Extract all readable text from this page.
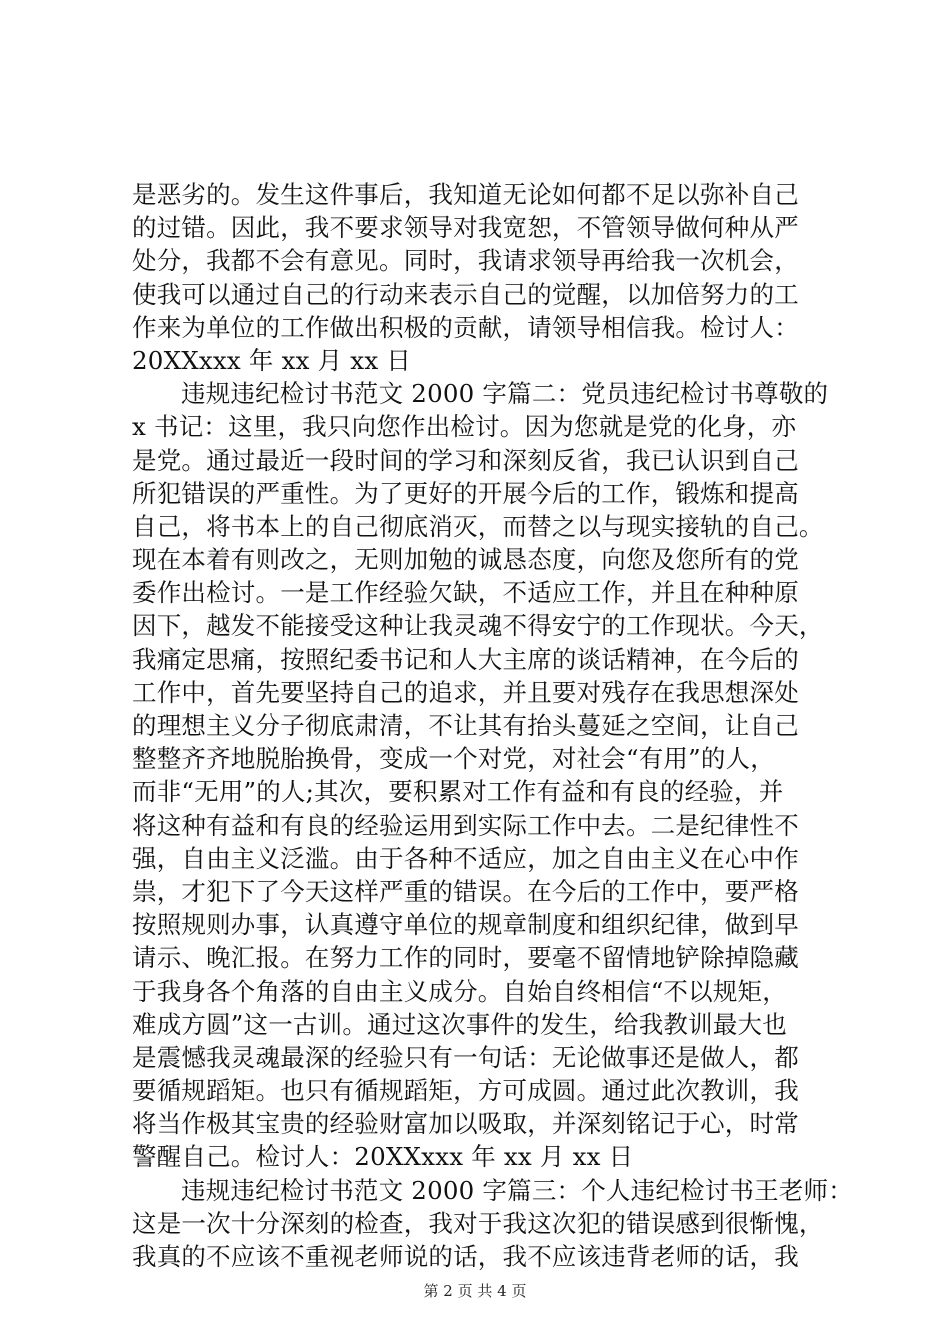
是恶劣的。发生这件事后，我知道无论如何都不足以弥补自己
的过错。因此，我不要求领导对我宽恕，不管领导做何种从严
处分，我都不会有意见。同时，我请求领导再给我一次机会，
使我可以通过自己的行动来表示自己的觉醒，以加倍努力的工
作来为单位的工作做出积极的贡献，请领导相信我。检讨人：
20XXxxx 年 xx 月 xx 日
违规违纪检讨书范文 2000 字篇二：党员违纪检讨书尊敬的
x 书记：这里，我只向您作出检讨。因为您就是党的化身，亦
是党。通过最近一段时间的学习和深刻反省，我已认识到自己
所犯错误的严重性。为了更好的开展今后的工作，锻炼和提高
自己，将书本上的自己彻底消灭，而替之以与现实接轨的自己。
现在本着有则改之，无则加勉的诚恳态度，向您及您所有的党
委作出检讨。一是工作经验欠缺，不适应工作，并且在种种原
因下，越发不能接受这种让我灵魂不得安宁的工作现状。今天，
我痛定思痛，按照纪委书记和人大主席的谈话精神，在今后的
工作中，首先要坚持自己的追求，并且要对残存在我思想深处
的理想主义分子彻底肃清，不让其有抬头蔓延之空间，让自己
整整齐齐地脱胎换骨，变成一个对党，对社会“有用”的人，
而非“无用”的人;其次，要积累对工作有益和有良的经验，并
将这种有益和有良的经验运用到实际工作中去。二是纪律性不
强，自由主义泛滥。由于各种不适应，加之自由主义在心中作
祟，才犯下了今天这样严重的错误。在今后的工作中，要严格
按照规则办事，认真遵守单位的规章制度和组织纪律，做到早
请示、晚汇报。在努力工作的同时，要毫不留情地铲除掉隐藏
于我身各个角落的自由主义成分。自始自终相信“不以规矩，
难成方圆”这一古训。通过这次事件的发生，给我教训最大也
是震憾我灵魂最深的经验只有一句话：无论做事还是做人，都
要循规蹈矩。也只有循规蹈矩，方可成圆。通过此次教训，我
将当作极其宝贵的经验财富加以吸取，并深刻铭记于心，时常
警醒自己。检讨人：20XXxxx 年 xx 月 xx 日
违规违纪检讨书范文 2000 字篇三：个人违纪检讨书王老师：
这是一次十分深刻的检查，我对于我这次犯的错误感到很惭愧，
我真的不应该不重视老师说的话，我不应该违背老师的话，我
第 2 页 共 4 页
